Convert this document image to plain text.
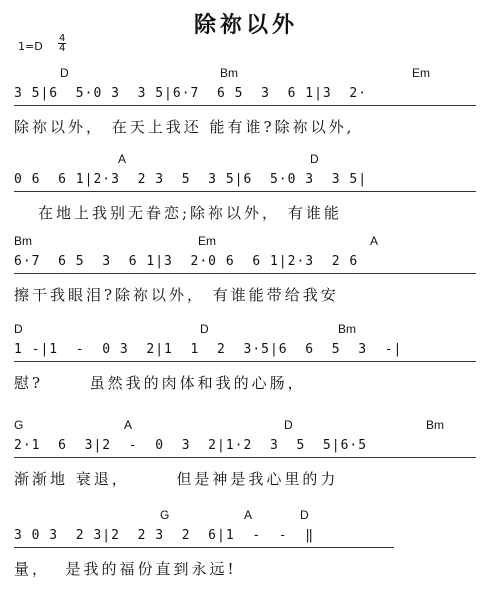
除祢以外
$1=D \frac{4}{4}$
D	Bm	Em
3 5|6  5·0 3  3 5|6·7  6 5  3  6 1|3  2·
除祢以外， 在天上我还 能有谁?除祢以外,
A	D
0 6  6 1|2·3  2 3  5  3 5|6  5·0 3  3 5|
在地上我别无眷恋;除祢以外， 有谁能
Bm	Em	A
6·7  6 5  3  6 1|3  2·0 6  6 1|2·3  2 6
擦干我眼泪?除祢以外， 有谁能带给我安
D	D	Bm
1 -|1  -  0 3  2|1  1  2  3·5|6  6  5  3  -|
慰?      虽然我的肉体和我的心肠，
G	A	D	Bm
2·1  6  3|2  -  0  3  2|1·2  3  5  5|6·5
渐渐地 衰退，      但是神是我心里的力
G	A	D
3 0 3  2 3|2  2 3  2  6|1  -  -  ‖
量，  是我的福份直到永远!
